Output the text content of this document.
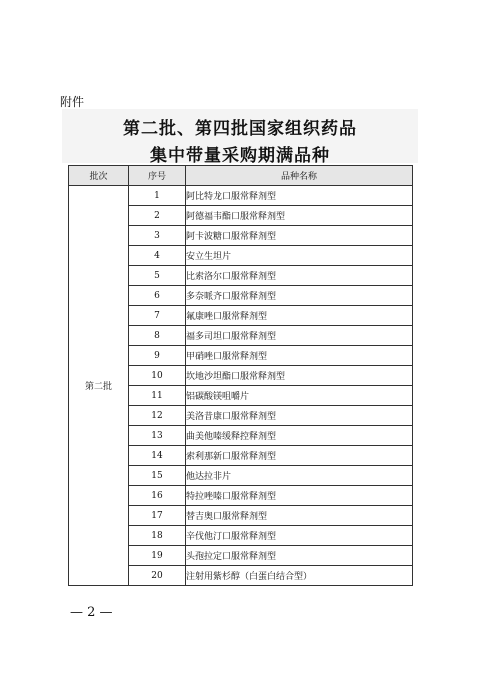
附件
第二批、第四批国家组织药品
集中带量采购期满品种
批次	序号	品种名称
第二批	1	阿比特龙口服常释剂型
	2	阿德福韦酯口服常释剂型
	3	阿卡波糖口服常释剂型
	4	安立生坦片
	5	比索洛尔口服常释剂型
	6	多奈哌齐口服常释剂型
	7	氟康唑口服常释剂型
	8	福多司坦口服常释剂型
	9	甲硝唑口服常释剂型
	10	坎地沙坦酯口服常释剂型
	11	铝碳酸镁咀嚼片
	12	美洛昔康口服常释剂型
	13	曲美他嗪缓释控释剂型
	14	索利那新口服常释剂型
	15	他达拉非片
	16	特拉唑嗪口服常释剂型
	17	替吉奥口服常释剂型
	18	辛伐他汀口服常释剂型
	19	头孢拉定口服常释剂型
	20	注射用紫杉醇（白蛋白结合型）
— 2 —
